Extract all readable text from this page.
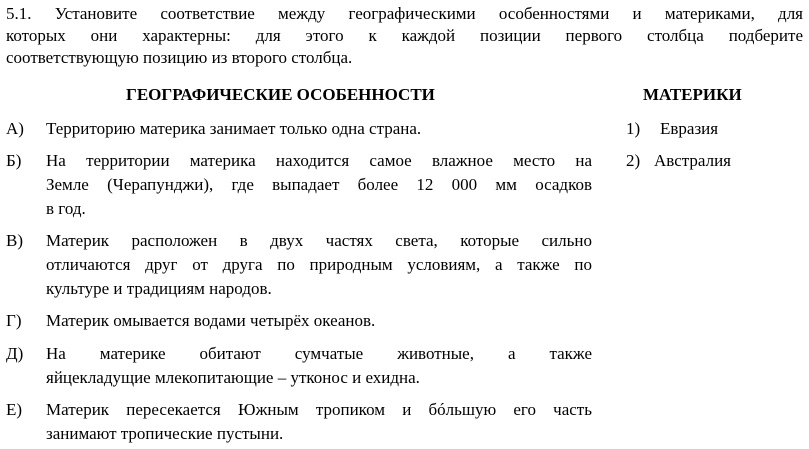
5.1. Установите соответствие между географическими особенностями и материками, для
которых они характерны: для этого к каждой позиции первого столбца подберите
соответствующую позицию из второго столбца.
ГЕОГРАФИЧЕСКИЕ ОСОБЕННОСТИ	МАТЕРИКИ
А)	Территорию материка занимает только одна страна.
Б)	На территории материка находится самое влажное место на
Земле (Черапунджи), где выпадает более 12 000 мм осадков
в год.
В)	Материк расположен в двух частях света, которые сильно
отличаются друг от друга по природным условиям, а также по
культуре и традициям народов.
Г)	Материк омывается водами четырёх океанов.
Д)	На материке обитают сумчатые животные, а также
яйцекладущие млекопитающие – утконос и ехидна.
Е)	Материк пересекается Южным тропиком и бóльшую его часть
занимают тропические пустыни.
1) Евразия
2) Австралия
